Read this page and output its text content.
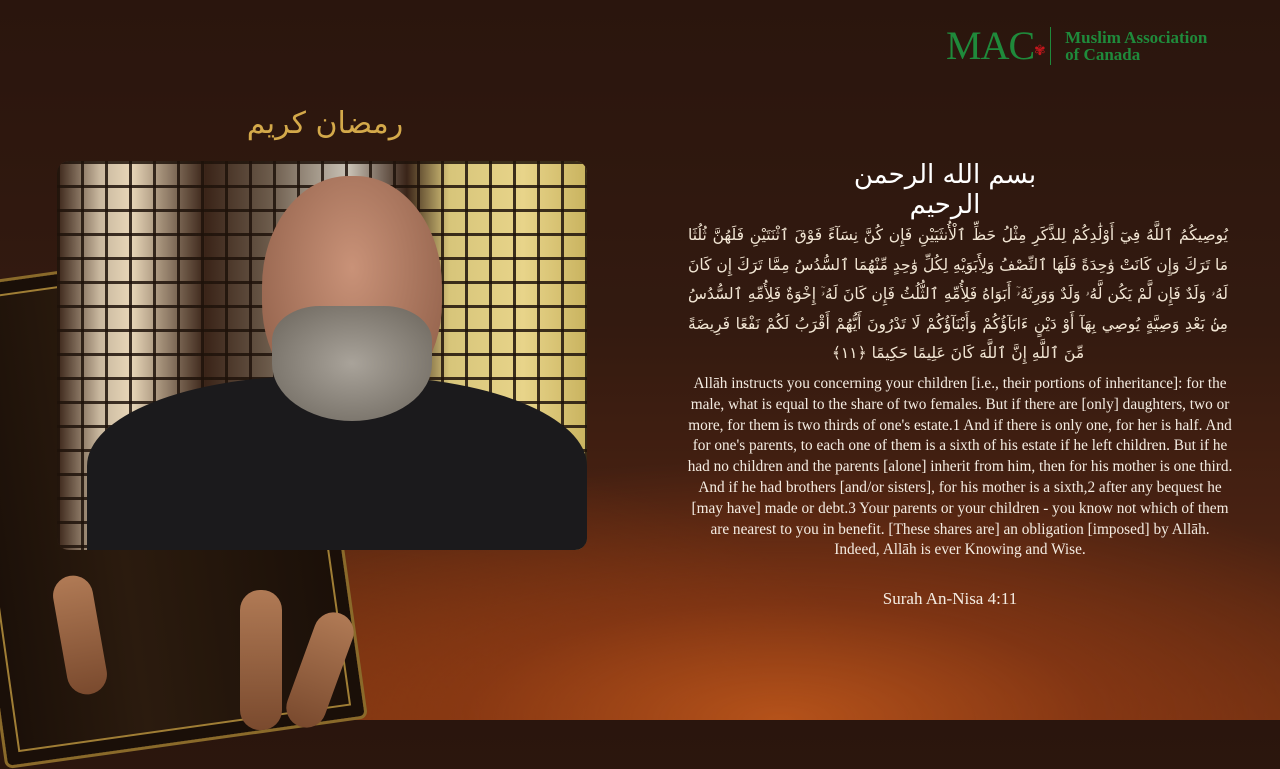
MAC ✾
Muslim Association
of Canada
رمضان كريم
بسم الله الرحمن الرحيم
يُوصِيكُمُ ٱللَّهُ فِيٓ أَوْلَٰدِكُمْ لِلذَّكَرِ مِثْلُ حَظِّ ٱلْأُنثَيَيْنِ فَإِن كُنَّ نِسَآءً فَوْقَ ٱثْنَتَيْنِ فَلَهُنَّ ثُلُثَا مَا تَرَكَ وَإِن كَانَتْ وَٰحِدَةً فَلَهَا ٱلنِّصْفُ وَلِأَبَوَيْهِ لِكُلِّ وَٰحِدٍ مِّنْهُمَا ٱلسُّدُسُ مِمَّا تَرَكَ إِن كَانَ لَهُۥ وَلَدٌ فَإِن لَّمْ يَكُن لَّهُۥ وَلَدٌ وَوَرِثَهُۥٓ أَبَوَاهُ فَلِأُمِّهِ ٱلثُّلُثُ فَإِن كَانَ لَهُۥٓ إِخْوَةٌ فَلِأُمِّهِ ٱلسُّدُسُ مِنۢ بَعْدِ وَصِيَّةٍ يُوصِي بِهَآ أَوْ دَيْنٍ ءَابَآؤُكُمْ وَأَبْنَآؤُكُمْ لَا تَدْرُونَ أَيُّهُمْ أَقْرَبُ لَكُمْ نَفْعًا فَرِيضَةً مِّنَ ٱللَّهِ إِنَّ ٱللَّهَ كَانَ عَلِيمًا حَكِيمًا ﴿١١﴾
Allāh instructs you concerning your children [i.e., their portions of inheritance]: for the male, what is equal to the share of two females. But if there are [only] daughters, two or more, for them is two thirds of one's estate.1 And if there is only one, for her is half. And for one's parents, to each one of them is a sixth of his estate if he left children. But if he had no children and the parents [alone] inherit from him, then for his mother is one third. And if he had brothers [and/or sisters], for his mother is a sixth,2 after any bequest he [may have] made or debt.3 Your parents or your children - you know not which of them are nearest to you in benefit. [These shares are] an obligation [imposed] by Allāh. Indeed, Allāh is ever Knowing and Wise.
Surah An-Nisa 4:11
